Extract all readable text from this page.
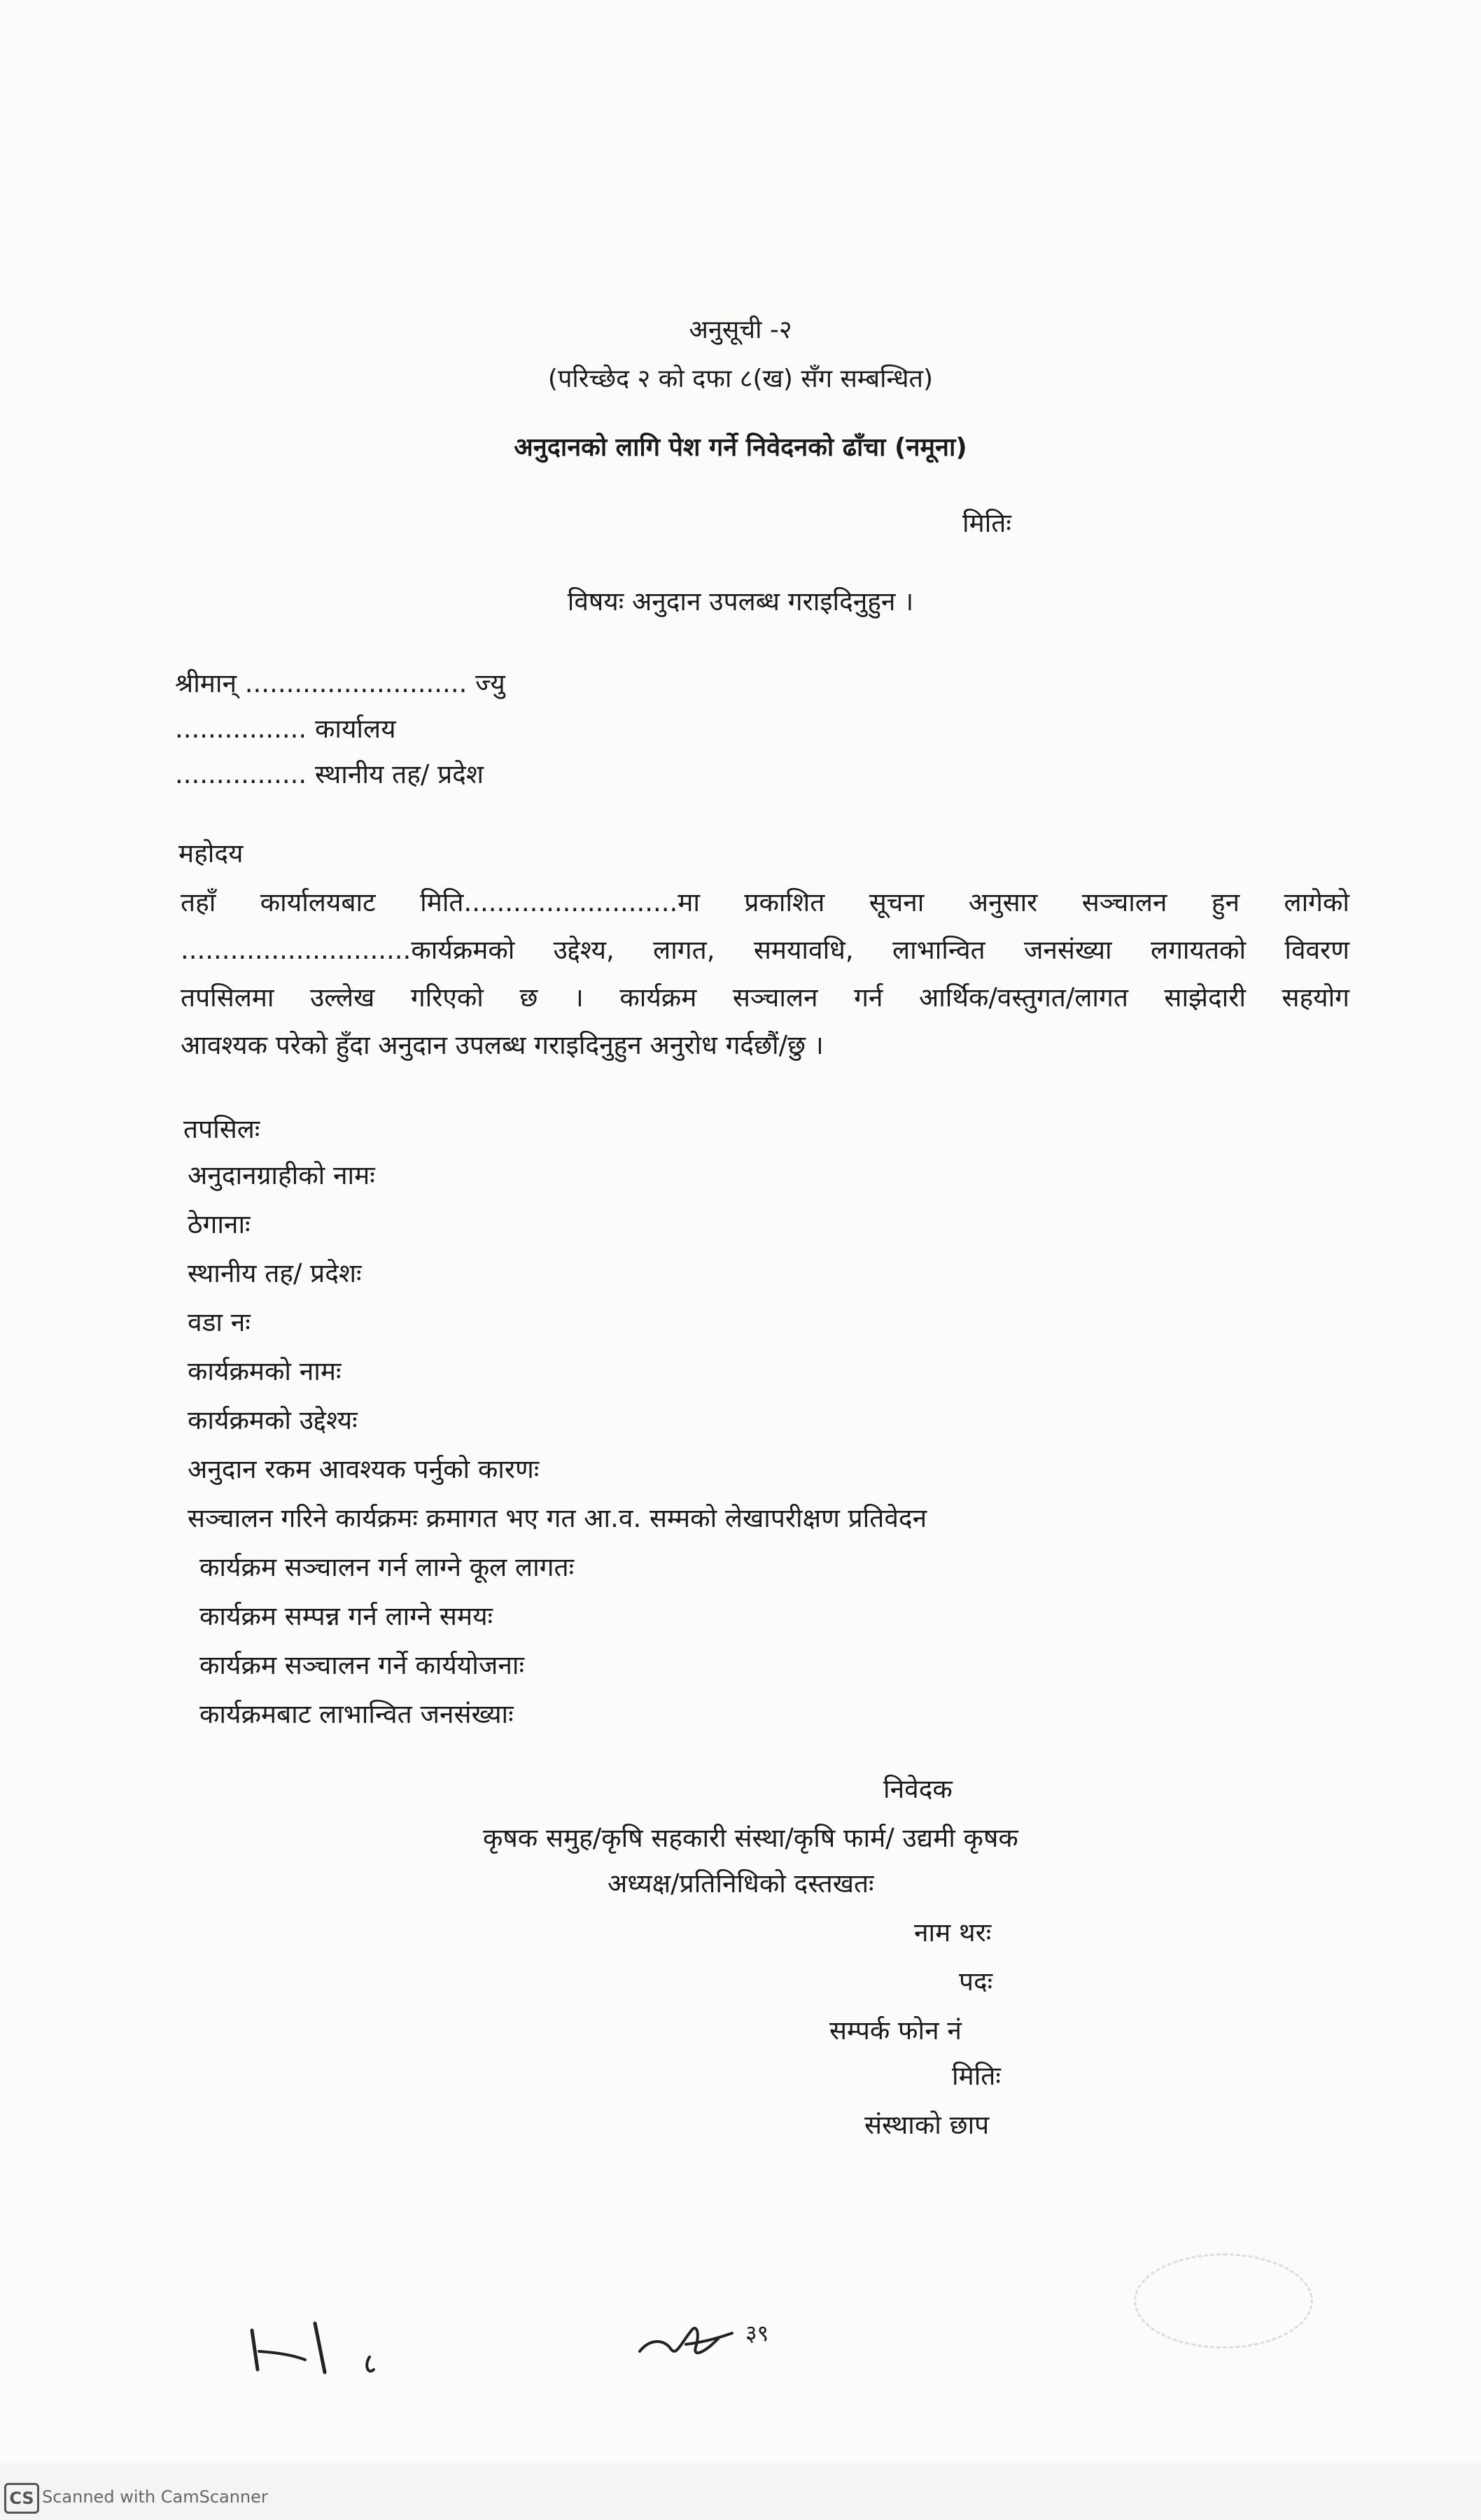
अनुसूची -२
(परिच्छेद २ को दफा ८(ख) सँग सम्बन्धित)
अनुदानको लागि पेश गर्ने निवेदनको ढाँचा (नमूना)
मितिः
विषयः अनुदान उपलब्ध गराइदिनुहुन ।
श्रीमान् ........................... ज्यु
................ कार्यालय
................ स्थानीय तह/ प्रदेश
महोदय
तहाँ कार्यालयबाट मिति..........................मा प्रकाशित सूचना अनुसार सञ्चालन हुन लागेको
............................कार्यक्रमको उद्देश्य, लागत, समयावधि, लाभान्वित जनसंख्या लगायतको विवरण
तपसिलमा उल्लेख गरिएको छ । कार्यक्रम सञ्चालन गर्न आर्थिक/वस्तुगत/लागत साझेदारी सहयोग
आवश्यक परेको हुँदा अनुदान उपलब्ध गराइदिनुहुन अनुरोध गर्दछौं/छु ।
तपसिलः
अनुदानग्राहीको नामः
ठेगानाः
स्थानीय तह/ प्रदेशः
वडा नः
कार्यक्रमको नामः
कार्यक्रमको उद्देश्यः
अनुदान रकम आवश्यक पर्नुको कारणः
सञ्चालन गरिने कार्यक्रमः क्रमागत भए गत आ.व. सम्मको लेखापरीक्षण प्रतिवेदन
कार्यक्रम सञ्चालन गर्न लाग्ने कूल लागतः
कार्यक्रम सम्पन्न गर्न लाग्ने समयः
कार्यक्रम सञ्चालन गर्ने कार्ययोजनाः
कार्यक्रमबाट लाभान्वित जनसंख्याः
निवेदक
कृषक समुह/कृषि सहकारी संस्था/कृषि फार्म/ उद्यमी कृषक
अध्यक्ष/प्रतिनिधिको दस्तखतः
नाम थरः
पदः
सम्पर्क फोन नं
मितिः
संस्थाको छाप
३९
CS Scanned with CamScanner
